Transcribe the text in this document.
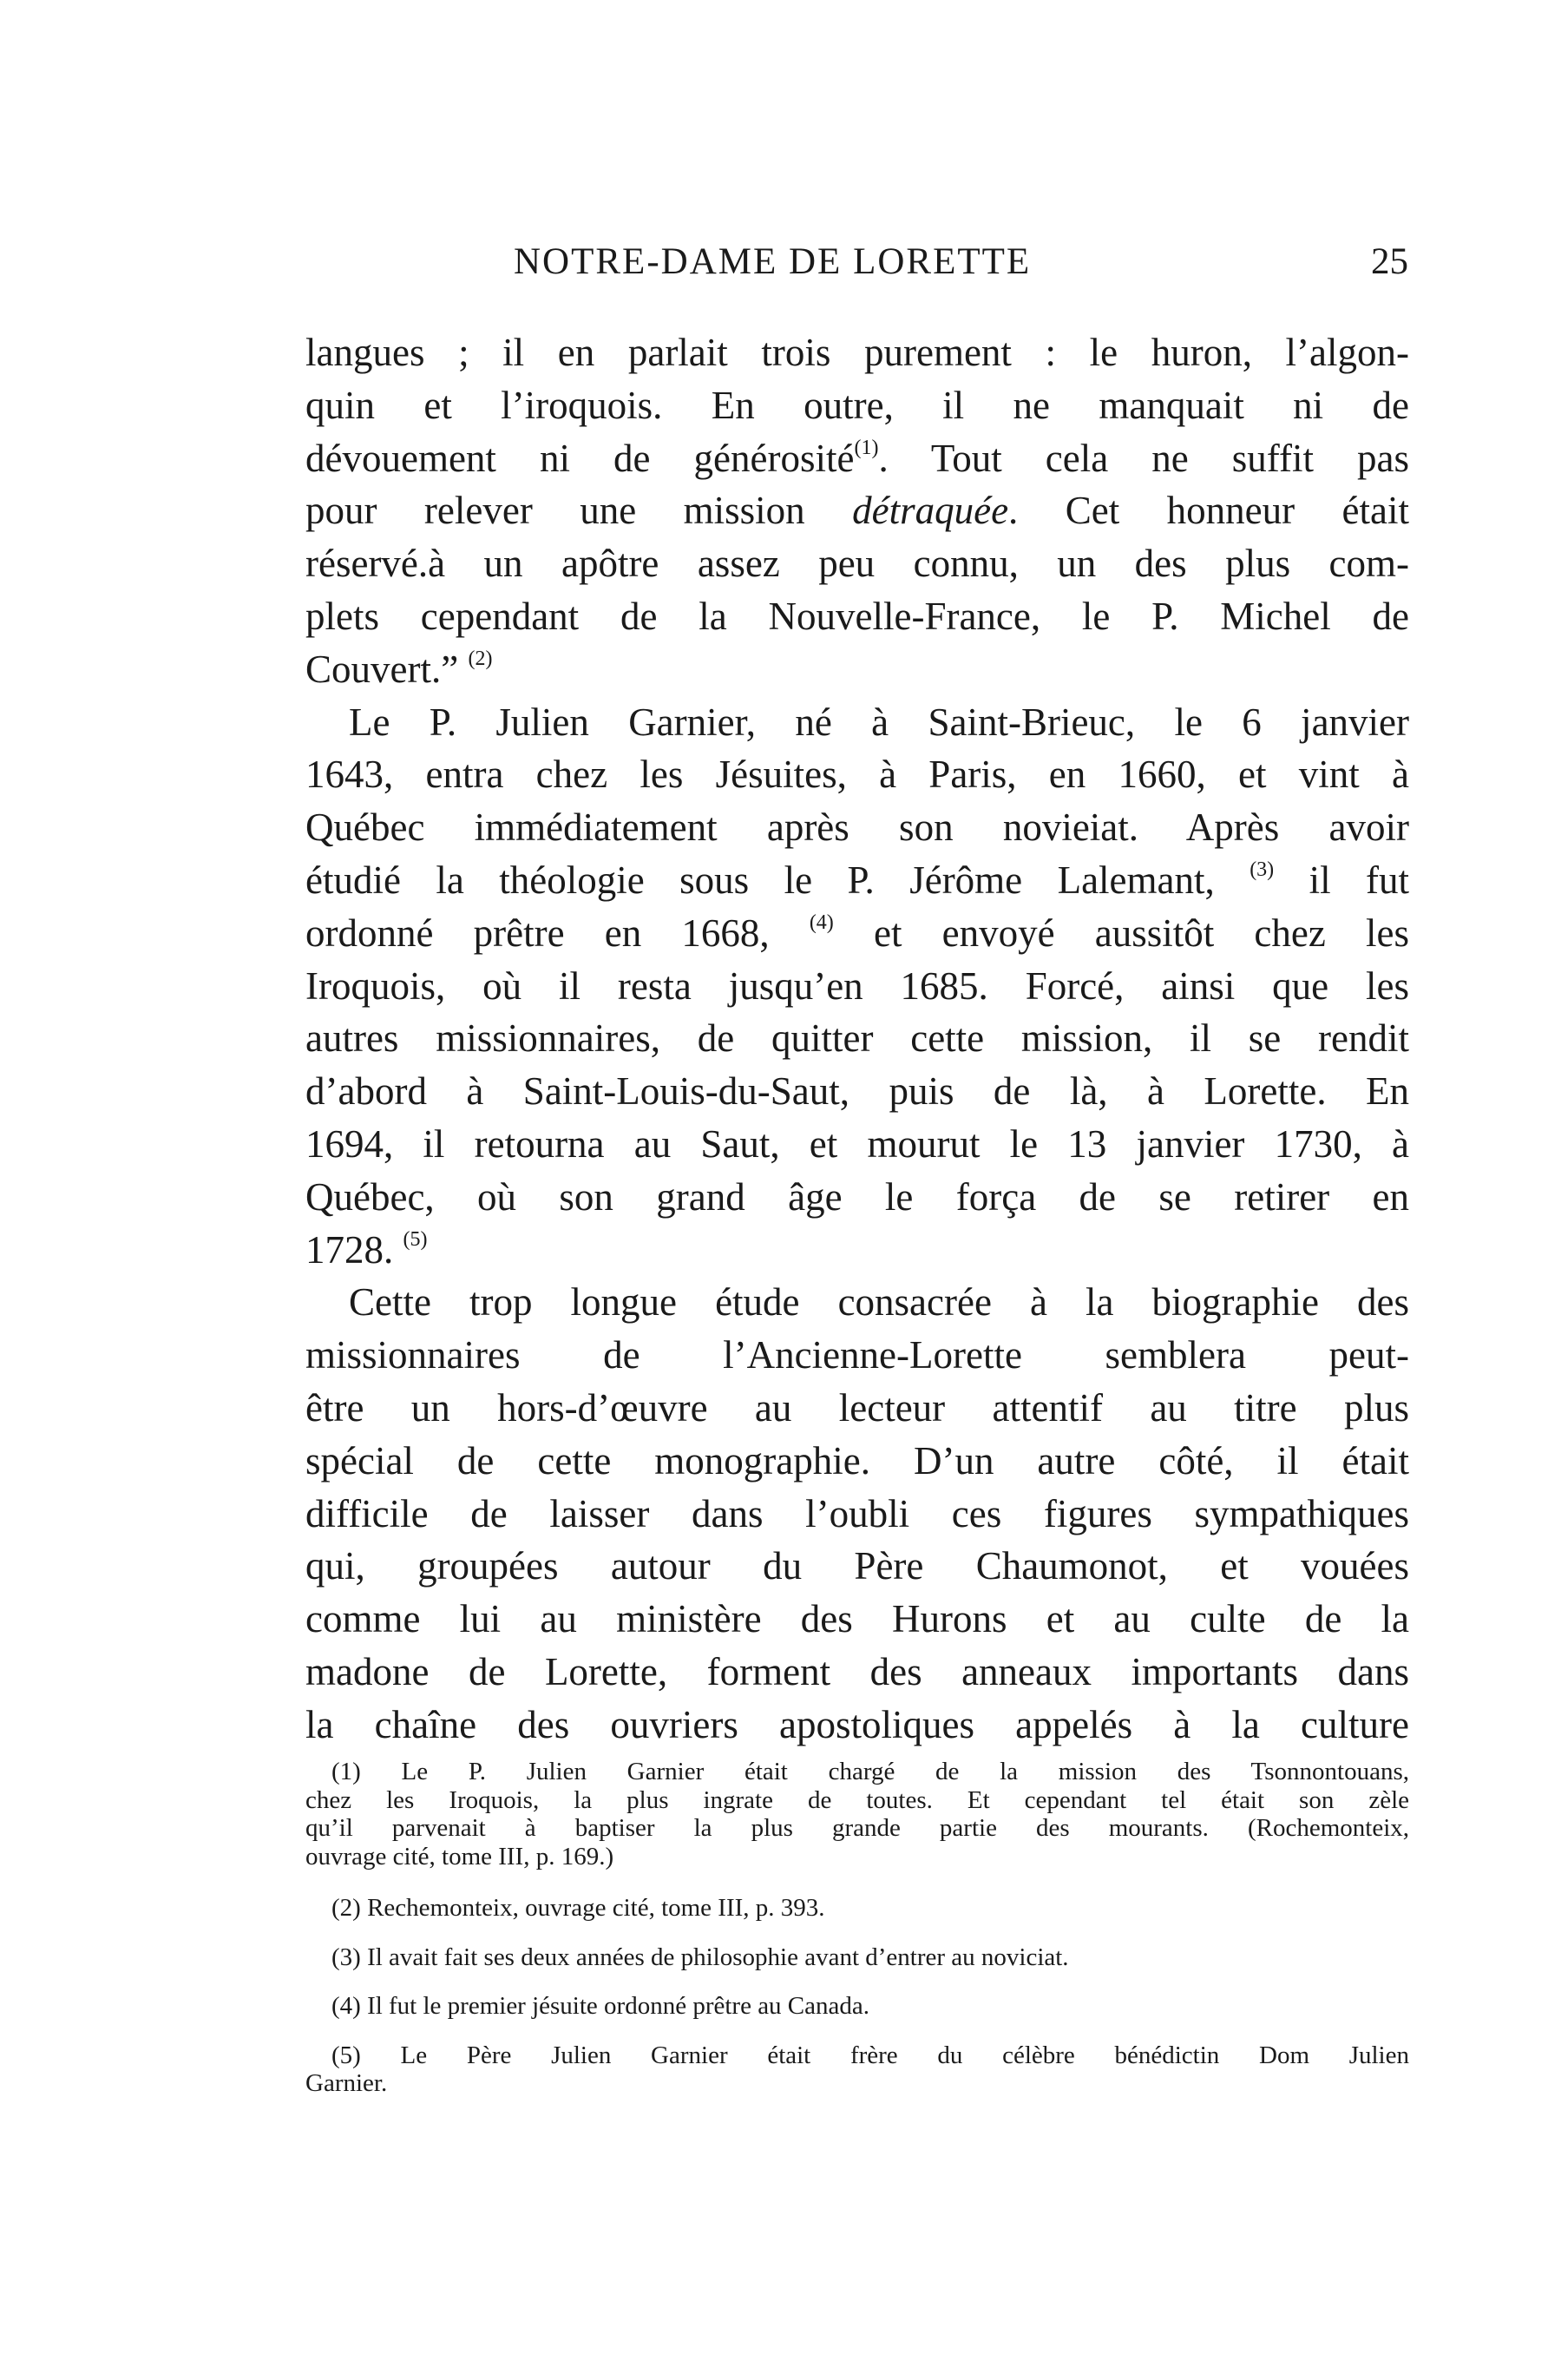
NOTRE-DAME DE LORETTE	25
langues ; il en parlait trois purement : le huron, l’algon-
quin et l’iroquois. En outre, il ne manquait ni de
dévouement ni de générosité$^{(1)}$. Tout cela ne suffit pas
pour relever une mission détraquée. Cet honneur était
réservé.à un apôtre assez peu connu, un des plus com-
plets cependant de la Nouvelle-France, le P. Michel de
Couvert.” $^{(2)}$
Le P. Julien Garnier, né à Saint-Brieuc, le 6 janvier
1643, entra chez les Jésuites, à Paris, en 1660, et vint à
Québec immédiatement après son novieiat. Après avoir
étudié la théologie sous le P. Jérôme Lalemant, $^{(3)}$ il fut
ordonné prêtre en 1668, $^{(4)}$ et envoyé aussitôt chez les
Iroquois, où il resta jusqu’en 1685. Forcé, ainsi que les
autres missionnaires, de quitter cette mission, il se rendit
d’abord à Saint-Louis-du-Saut, puis de là, à Lorette. En
1694, il retourna au Saut, et mourut le 13 janvier 1730, à
Québec, où son grand âge le força de se retirer en
1728. $^{(5)}$
Cette trop longue étude consacrée à la biographie des
missionnaires de l’Ancienne-Lorette semblera peut-
être un hors-d’œuvre au lecteur attentif au titre plus
spécial de cette monographie. D’un autre côté, il était
difficile de laisser dans l’oubli ces figures sympathiques
qui, groupées autour du Père Chaumonot, et vouées
comme lui au ministère des Hurons et au culte de la
madone de Lorette, forment des anneaux importants dans
la chaîne des ouvriers apostoliques appelés à la culture
(1) Le P. Julien Garnier était chargé de la mission des Tsonnontouans,
chez les Iroquois, la plus ingrate de toutes. Et cependant tel était son zèle
qu’il parvenait à baptiser la plus grande partie des mourants. (Rochemonteix,
ouvrage cité, tome III, p. 169.)
(2) Rechemonteix, ouvrage cité, tome III, p. 393.
(3) Il avait fait ses deux années de philosophie avant d’entrer au noviciat.
(4) Il fut le premier jésuite ordonné prêtre au Canada.
(5) Le Père Julien Garnier était frère du célèbre bénédictin Dom Julien
Garnier.
